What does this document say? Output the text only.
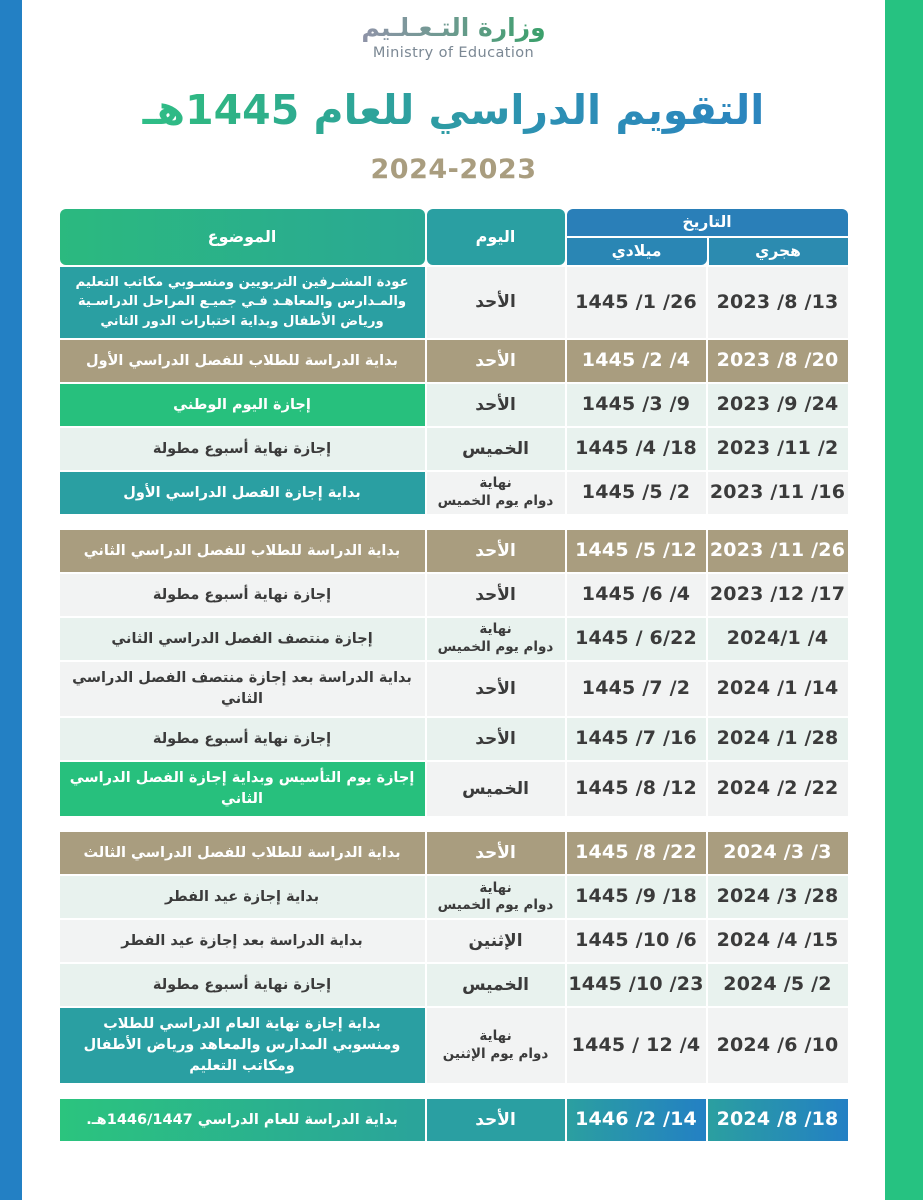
وزارة التـعـلـيم
Ministry of Education
التقويم الدراسي للعام 1445هـ
2024-2023
التاريخ
هجري
ميلادي
اليوم
الموضوع
2023 /8 /13
1445 /1 /26
الأحد
عودة المشـرفين التربويين ومنسـوبي مكاتب التعليم والمـدارس والمعاهـد فـي جميـع المراحل الدراسـية ورياض الأطفال وبداية اختبارات الدور الثاني
2023 /8 /20
1445 /2 /4
الأحد
بداية الدراسة للطلاب للفصل الدراسي الأول
2023 /9 /24
1445 /3 /9
الأحد
إجازة اليوم الوطني
2023 /11 /2
1445 /4 /18
الخميس
إجازة نهاية أسبوع مطولة
2023 /11 /16
1445 /5 /2
نهاية
دوام يوم الخميس
بداية إجازة الفصل الدراسي الأول
2023 /11 /26
1445 /5 /12
الأحد
بداية الدراسة للطلاب للفصل الدراسي الثاني
2023 /12 /17
1445 /6 /4
الأحد
إجازة نهاية أسبوع مطولة
2024/1 /4
1445 / 6/22
نهاية
دوام يوم الخميس
إجازة منتصف الفصل الدراسي الثاني
2024 /1 /14
1445 /7 /2
الأحد
بداية الدراسة بعد إجازة منتصف الفصل الدراسي الثاني
2024 /1 /28
1445 /7 /16
الأحد
إجازة نهاية أسبوع مطولة
2024 /2 /22
1445 /8 /12
الخميس
إجازة يوم التأسيس وبداية إجازة الفصل الدراسي الثاني
2024 /3 /3
1445 /8 /22
الأحد
بداية الدراسة للطلاب للفصل الدراسي الثالث
2024 /3 /28
1445 /9 /18
نهاية
دوام يوم الخميس
بداية إجازة عيد الفطر
2024 /4 /15
1445 /10 /6
الإثنين
بداية الدراسة بعد إجازة عيد الفطر
2024 /5 /2
1445 /10 /23
الخميس
إجازة نهاية أسبوع مطولة
2024 /6 /10
1445 / 12 /4
نهاية
دوام يوم الإثنين
بداية إجازة نهاية العام الدراسي للطلاب ومنسوبي المدارس والمعاهد ورياض الأطفال ومكاتب التعليم
2024 /8 /18
1446 /2 /14
الأحد
بداية الدراسة للعام الدراسي 1446/1447هـ.
